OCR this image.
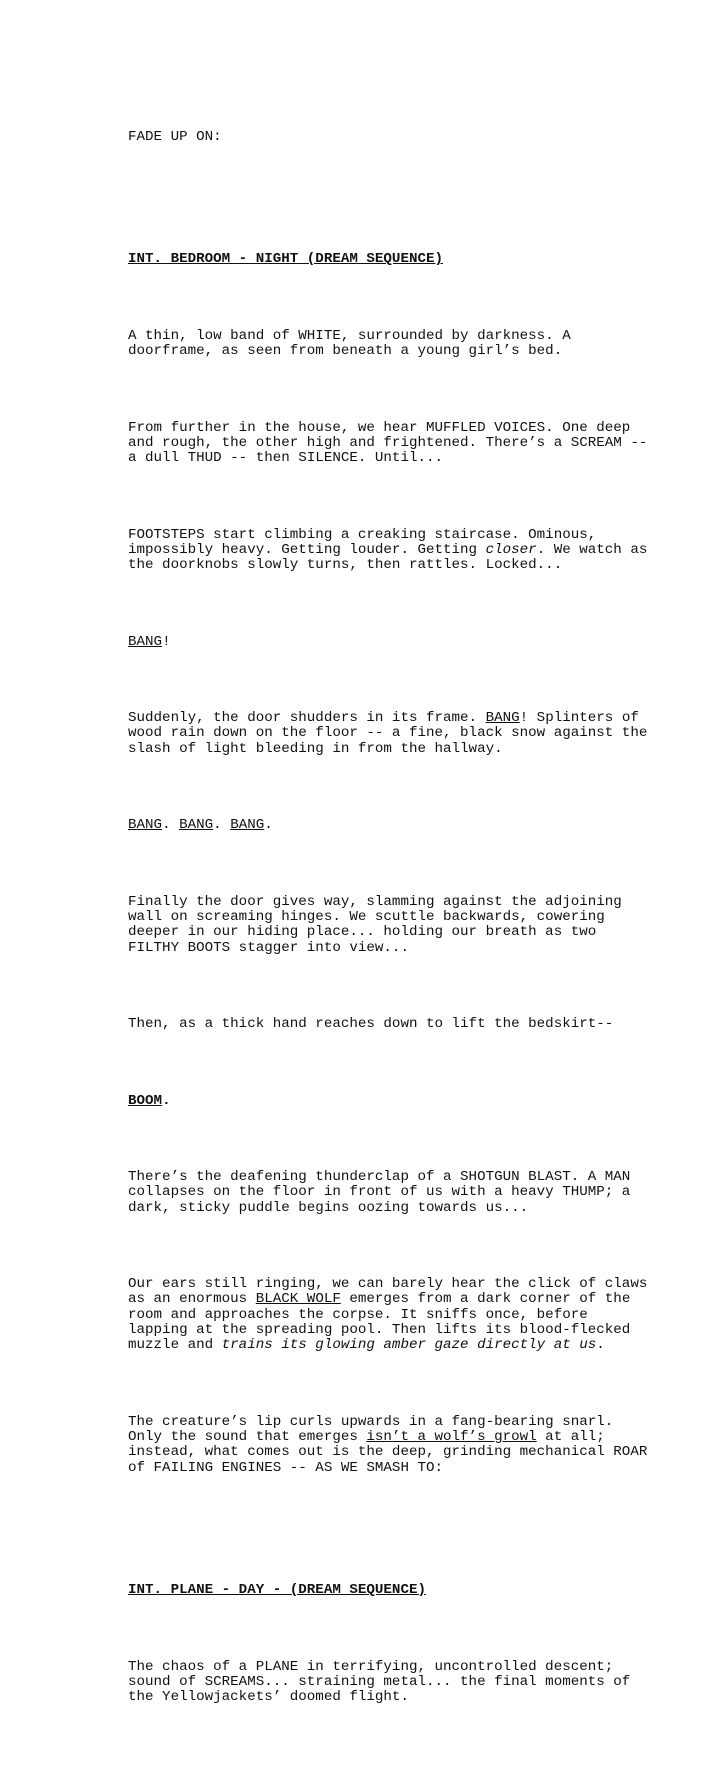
FADE UP ON:

INT. BEDROOM - NIGHT (DREAM SEQUENCE)

A thin, low band of WHITE, surrounded by darkness. A
doorframe, as seen from beneath a young girl’s bed.

From further in the house, we hear MUFFLED VOICES. One deep
and rough, the other high and frightened. There’s a SCREAM --
a dull THUD -- then SILENCE. Until...

FOOTSTEPS start climbing a creaking staircase. Ominous,
impossibly heavy. Getting louder. Getting closer. We watch as
the doorknobs slowly turns, then rattles. Locked...

BANG!

Suddenly, the door shudders in its frame. BANG! Splinters of
wood rain down on the floor -- a fine, black snow against the
slash of light bleeding in from the hallway.

BANG. BANG. BANG.

Finally the door gives way, slamming against the adjoining
wall on screaming hinges. We scuttle backwards, cowering
deeper in our hiding place... holding our breath as two
FILTHY BOOTS stagger into view...

Then, as a thick hand reaches down to lift the bedskirt--

BOOM.

There’s the deafening thunderclap of a SHOTGUN BLAST. A MAN
collapses on the floor in front of us with a heavy THUMP; a
dark, sticky puddle begins oozing towards us...

Our ears still ringing, we can barely hear the click of claws
as an enormous BLACK WOLF emerges from a dark corner of the
room and approaches the corpse. It sniffs once, before
lapping at the spreading pool. Then lifts its blood-flecked
muzzle and trains its glowing amber gaze directly at us.

The creature’s lip curls upwards in a fang-bearing snarl.
Only the sound that emerges isn’t a wolf’s growl at all;
instead, what comes out is the deep, grinding mechanical ROAR
of FAILING ENGINES -- AS WE SMASH TO:

INT. PLANE - DAY - (DREAM SEQUENCE)

The chaos of a PLANE in terrifying, uncontrolled descent;
sound of SCREAMS... straining metal... the final moments of
the Yellowjackets’ doomed flight.
